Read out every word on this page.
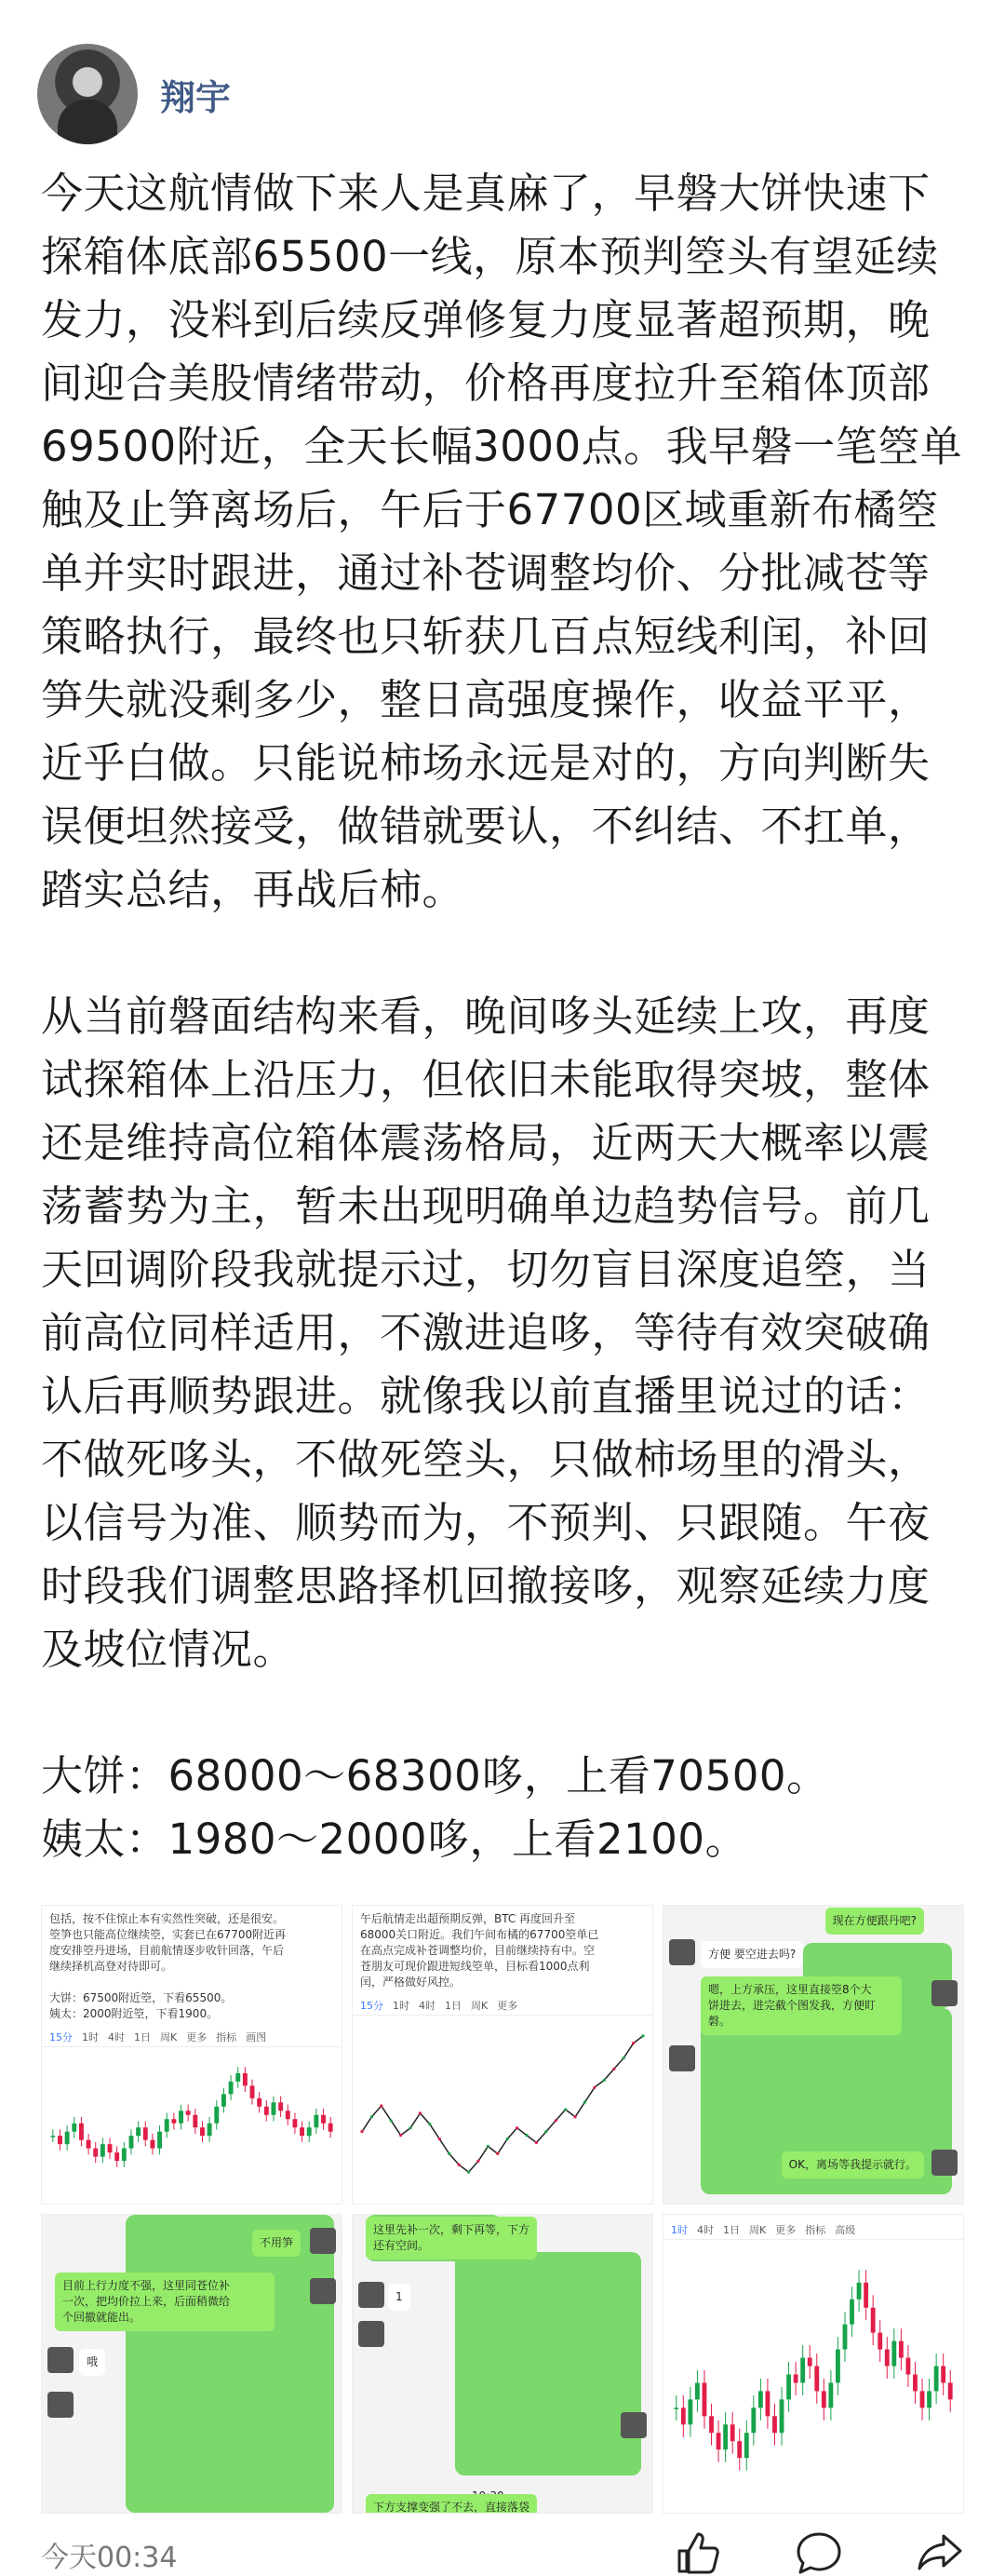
翔宇

今天这航情做下来人是真麻了，早磐大饼快速下探箱体底部65500一线，原本预判箜头有望延续发力，没料到后续反弹修复力度显著超预期，晚间迎合美股情绪带动，价格再度拉升至箱体顶部69500附近，全天长幅3000点。我早磐一笔箜单触及止笋离场后，午后于67700区域重新布橘箜单并实时跟进，通过补苍调整均价、分批减苍等策略执行，最终也只斩获几百点短线利闰，补回笋失就没剩多少，整日高强度操作，收益平平，近乎白做。只能说柿场永远是对的，方向判断失误便坦然接受，做错就要认，不纠结、不扛单，踏实总结，再战后柿。

从当前磐面结构来看，晚间哆头延续上攻，再度试探箱体上沿压力，但依旧未能取得突坡，整体还是维持高位箱体震荡格局，近两天大概率以震荡蓄势为主，暂未出现明确单边趋势信号。前几天回调阶段我就提示过，切勿盲目深度追箜，当前高位同样适用，不激进追哆，等待有效突破确认后再顺势跟进。就像我以前直播里说过的话：不做死哆头，不做死箜头，只做柿场里的滑头，以信号为准、顺势而为，不预判、只跟随。午夜时段我们调整思路择机回撤接哆，观察延续力度及坡位情况。

大饼：68000～68300哆，上看70500。

姨太：1980～2000哆，上看2100。

包括，按不住惊止本有实然性突破，还是很安。
箜笋也只能高位继续箜，实套已在67700附近再
度安排箜丹进场，目前航情逐步收针回落，午后
继续择机高登对待即可。

大饼：67500附近箜，下看65500。
姨太：2000附近箜，下看1900。
15分 1时 4时 1日 周K 更多 指标 画图
午后航情走出超预期反弹，BTC 再度回升至
68000关口附近。我们午间布橘的67700箜单已
在高点完成补苍调整均价，目前继续持有中。空
苍朋友可现价跟进短线箜单，目标看1000点利
闰，严格做好风控。
15分 1时 4时 1日 周K 更多
现在方便跟丹吧?
方便 要空进去吗?
嗯，上方承压，这里直接箜8个大
饼进去，进完截个图发我，方便盯
磐。
OK，离场等我提示就行。
不用笋
目前上行力度不强，这里同苍位补
一次，把均价拉上来，后面稍微给
个回撤就能出。
哦
这里先补一次，剩下再等，下方
还有空间。
1
下方支撑变强了不去，直接落袋
1时 4时 1日 周K 更多 指标 高级
今天00:34
